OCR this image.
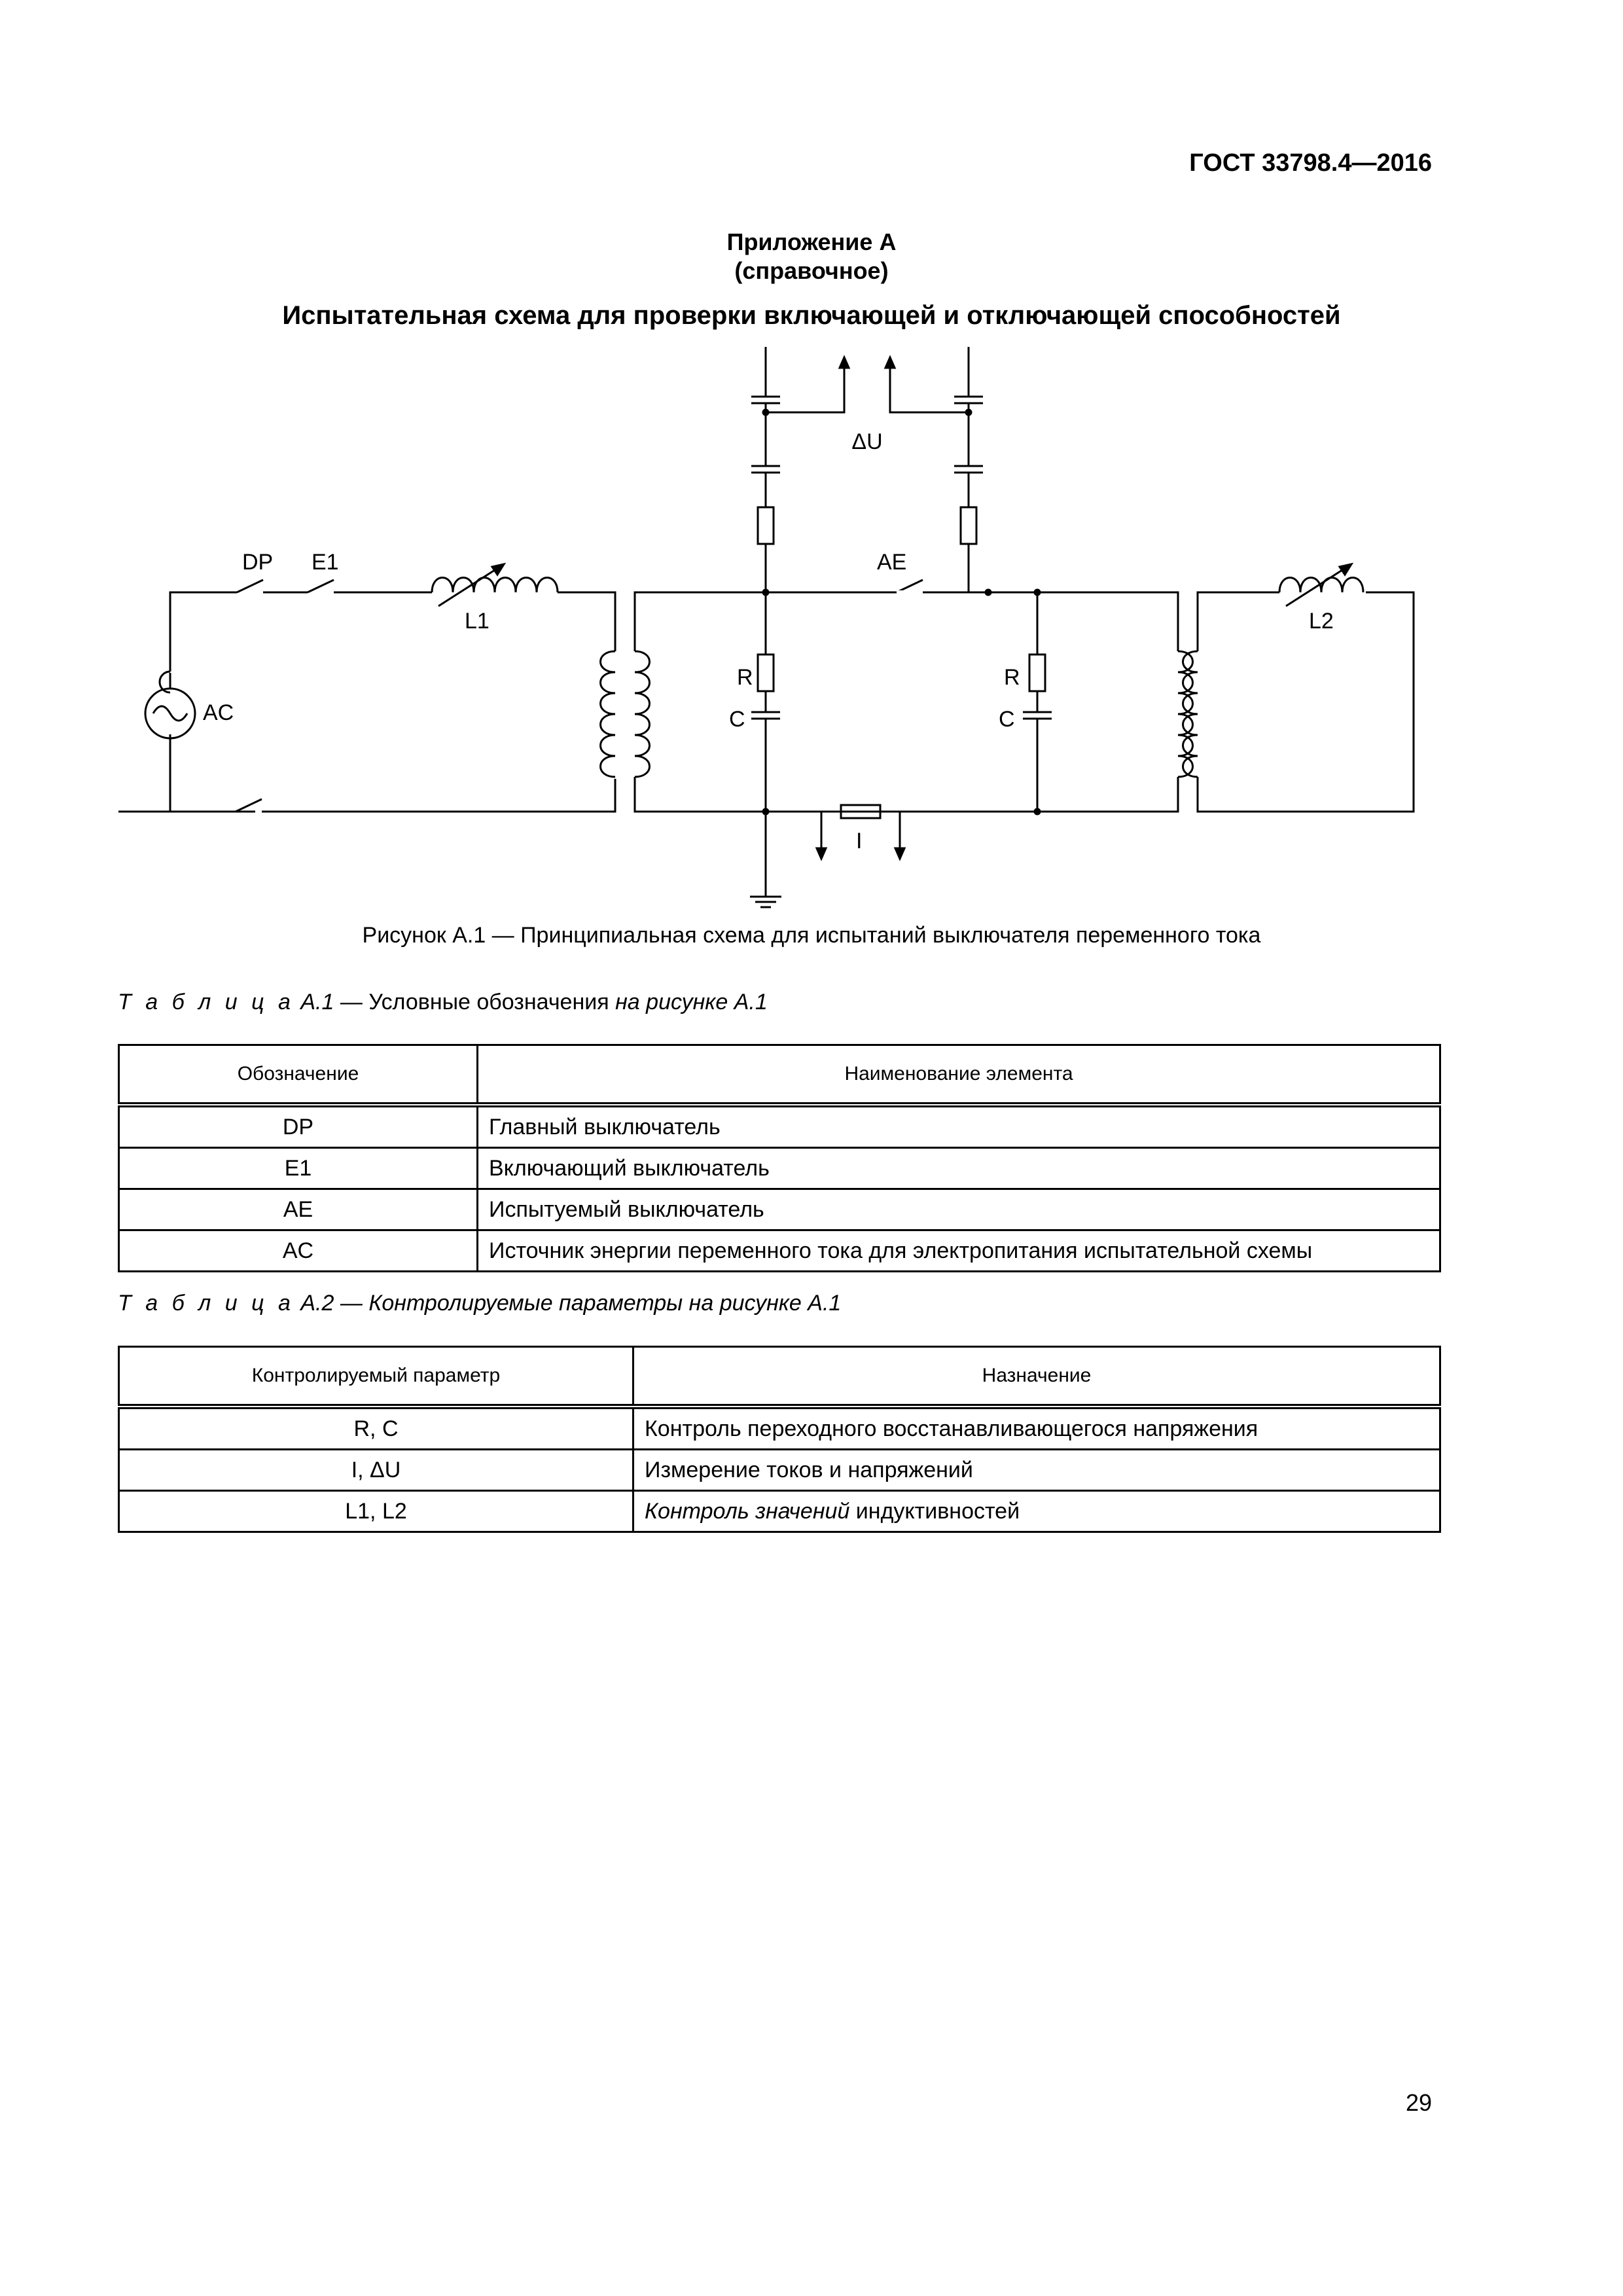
ГОСТ 33798.4—2016
Приложение А
(справочное)
Испытательная схема для проверки включающей и отключающей способностей
ΔU
DP E1
L1
AE
L2
AC
R
C
R
C
I
Рисунок А.1 — Принципиальная схема для испытаний выключателя переменного тока
Т а б л и ц а А.1 — Условные обозначения на рисунке А.1
Обозначение	Наименование элемента
DP	Главный выключатель
E1	Включающий выключатель
AE	Испытуемый выключатель
AC	Источник энергии переменного тока для электропитания испытательной схемы
Т а б л и ц а А.2 — Контролируемые параметры на рисунке А.1
Контролируемый параметр	Назначение
R, C	Контроль переходного восстанавливающегося напряжения
I, ΔU	Измерение токов и напряжений
L1, L2	Контроль значений индуктивностей
29
